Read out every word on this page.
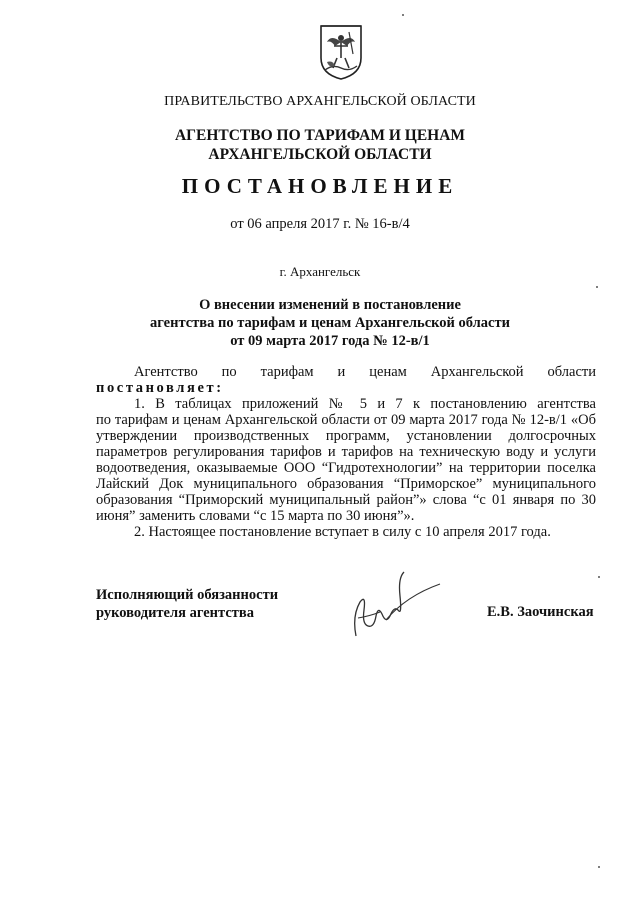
ПРАВИТЕЛЬСТВО АРХАНГЕЛЬСКОЙ ОБЛАСТИ
АГЕНТСТВО ПО ТАРИФАМ И ЦЕНАМ
АРХАНГЕЛЬСКОЙ ОБЛАСТИ
ПОСТАНОВЛЕНИЕ
от 06 апреля 2017 г. № 16-в/4
г. Архангельск
О внесении изменений в постановление
агентства по тарифам и ценам Архангельской области
от 09 марта 2017 года № 12-в/1

Агентство по тарифам и ценам Архангельской области

постановляет:

1. В таблицах приложений № 5 и 7 к постановлению агентства

по тарифам и ценам Архангельской области от 09 марта 2017 года № 12-в/1 «Об утверждении производственных программ, установлении долгосрочных параметров регулирования тарифов и тарифов на техническую воду и услуги водоотведения, оказываемые ООО “Гидротехнологии” на территории поселка Лайский Док муниципального образования “Приморское” муниципального образования “Приморский муниципальный район”» слова “с 01 января по 30 июня” заменить словами “с 15 марта по 30 июня”».

2. Настоящее постановление вступает в силу с 10 апреля 2017 года.

Исполняющий обязанности
руководителя агентства	Е.В. Заочинская
